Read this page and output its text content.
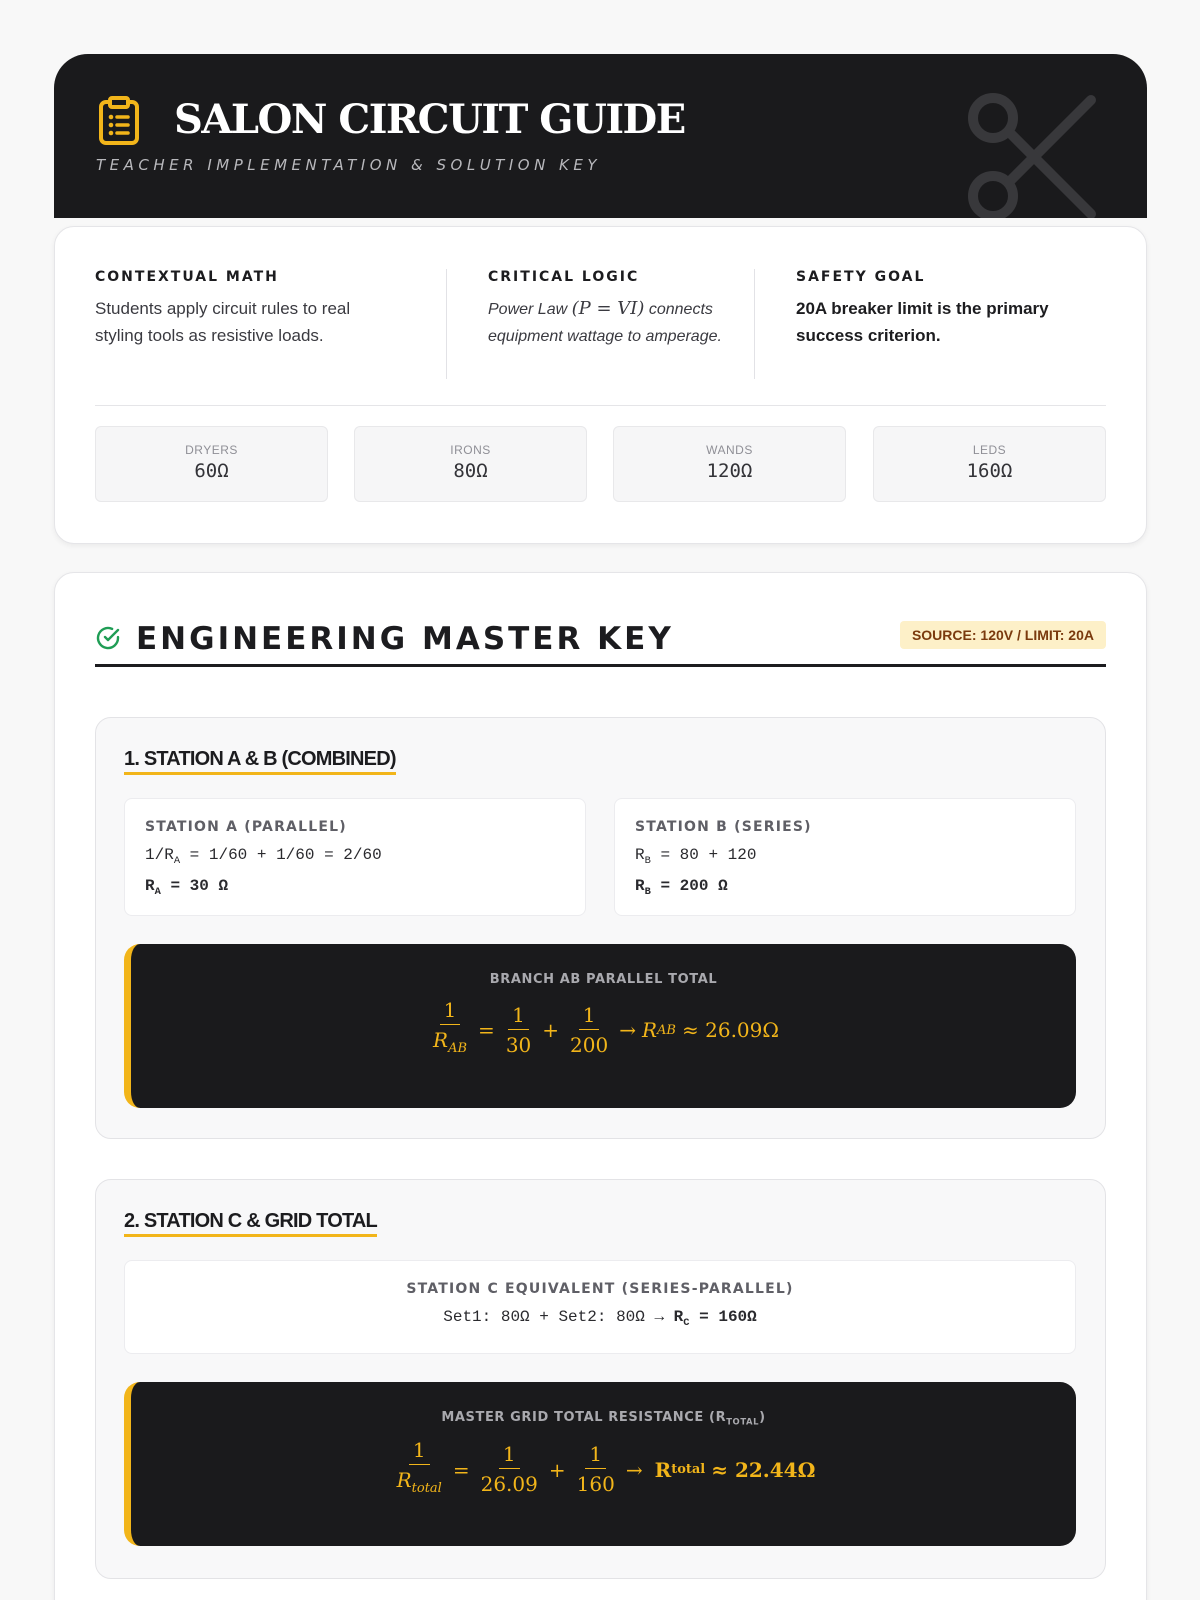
SALON CIRCUIT GUIDE
TEACHER IMPLEMENTATION & SOLUTION KEY
CONTEXTUAL MATH

Students apply circuit rules to real styling tools as resistive loads.

CRITICAL LOGIC

Power Law (P = VI) connects equipment wattage to amperage.

SAFETY GOAL

20A breaker limit is the primary success criterion.

DRYERS
60Ω
IRONS
80Ω
WANDS
120Ω
LEDS
160Ω
ENGINEERING MASTER KEY	SOURCE: 120V / LIMIT: 20A
1. STATION A & B (COMBINED)
STATION A (PARALLEL)
$1/R_A = 1/60 + 1/60 = 2/60$
$R_A = 30$ Ω
STATION B (SERIES)
$R_B = 80 + 120$
$R_B = 200$ Ω
BRANCH AB PARALLEL TOTAL
1
$R_{AB}$
= $\frac{1}{30} + \frac{1}{200} \to R$ AB ≈ 26.09Ω
2. STATION C & GRID TOTAL
STATION C EQUIVALENT (SERIES-PARALLEL)
Set1: 80Ω + Set2: $80\Omega \to R_C = 160\Omega$
MASTER GRID TOTAL RESISTANCE $(R_{TOTAL})$
1
$R_{total}$
= $\frac{1}{26.09} + \frac{1}{160} \to R$ total ≈ 22.44Ω
